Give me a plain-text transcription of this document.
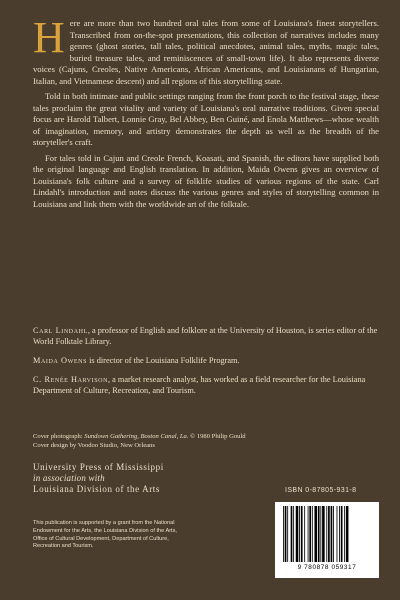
H ere are more than two hundred oral tales from some of Louisiana's finest storytellers. Transcribed from on-the-spot presentations, this collection of narratives includes many genres (ghost stories, tall tales, political anecdotes, animal tales, myths, magic tales, buried treasure tales, and reminiscences of small-town life). It also represents diverse voices (Cajuns, Creoles, Native Americans, African Americans, and Louisianans of Hungarian, Italian, and Vietnamese descent) and all regions of this storytelling state.

Told in both intimate and public settings ranging from the front porch to the festival stage, these tales proclaim the great vitality and variety of Louisiana's oral narrative traditions. Given special focus are Harold Talbert, Lonnie Gray, Bel Abbey, Ben Guiné, and Enola Matthews—whose wealth of imagination, memory, and artistry demonstrates the depth as well as the breadth of the storyteller's craft.

For tales told in Cajun and Creole French, Koasati, and Spanish, the editors have supplied both the original language and English translation. In addition, Maida Owens gives an overview of Louisiana's folk culture and a survey of folklife studies of various regions of the state. Carl Lindahl's introduction and notes discuss the various genres and styles of storytelling common in Louisiana and link them with the worldwide art of the folktale.

Carl Lindahl, a professor of English and folklore at the University of Houston, is series editor of the World Folktale Library.

Maida Owens is director of the Louisiana Folklife Program.

C. Renée Harvison, a market research analyst, has worked as a field researcher for the Louisiana Department of Culture, Recreation, and Tourism.

Cover photograph: Sundown Gathering, Boston Canal, La. © 1980 Philip Gould
Cover design by Voodoo Studio, New Orleans
University Press of Mississippi
in association with
Louisiana Division of the Arts
This publication is supported by a grant from the National Endowment for the Arts, the Louisiana Division of the Arts, Office of Cultural Development, Department of Culture, Recreation and Tourism.
ISBN 0-87805-931-8
9 780878 059317
